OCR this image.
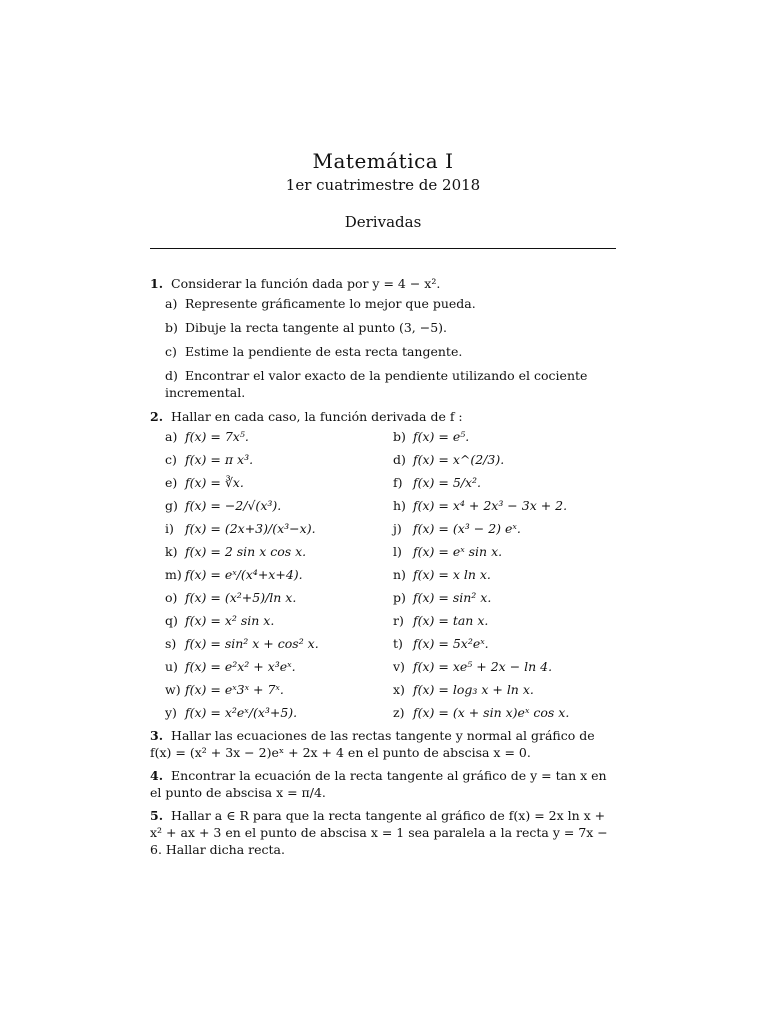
Matemática I

1er cuatrimestre de 2018

Derivadas

1. Considerar la función dada por y = 4 − x².
a) Represente gráficamente lo mejor que pueda.
b) Dibuje la recta tangente al punto (3, −5).
c) Estime la pendiente de esta recta tangente.
d) Encontrar el valor exacto de la pendiente utilizando el cociente incremental.
2. Hallar en cada caso, la función derivada de f :
a) f(x) = 7x⁵.	b) f(x) = e⁵.
c) f(x) = π x³.	d) f(x) = x^(2/3).
e) f(x) = ∛x.	f) f(x) = 5/x².
g) f(x) = −2/√(x³).	h) f(x) = x⁴ + 2x³ − 3x + 2.
i) f(x) = (2x+3)/(x³−x).	j) f(x) = (x³ − 2) eˣ.
k) f(x) = 2 sin x cos x.	l) f(x) = eˣ sin x.
m) f(x) = eˣ/(x⁴+x+4).	n) f(x) = x ln x.
o) f(x) = (x²+5)/ln x.	p) f(x) = sin² x.
q) f(x) = x² sin x.	r) f(x) = tan x.
s) f(x) = sin² x + cos² x.	t) f(x) = 5x²eˣ.
u) f(x) = e²x² + x³eˣ.	v) f(x) = xe⁵ + 2x − ln 4.
w) f(x) = eˣ3ˣ + 7ˣ.	x) f(x) = log₃ x + ln x.
y) f(x) = x²eˣ/(x³+5).	z) f(x) = (x + sin x)eˣ cos x.
3. Hallar las ecuaciones de las rectas tangente y normal al gráfico de f(x) = (x² + 3x − 2)eˣ + 2x + 4 en el punto de abscisa x = 0.
4. Encontrar la ecuación de la recta tangente al gráfico de y = tan x en el punto de abscisa x = π/4.
5. Hallar a ∈ R para que la recta tangente al gráfico de f(x) = 2x ln x + x² + ax + 3 en el punto de abscisa x = 1 sea paralela a la recta y = 7x − 6. Hallar dicha recta.
